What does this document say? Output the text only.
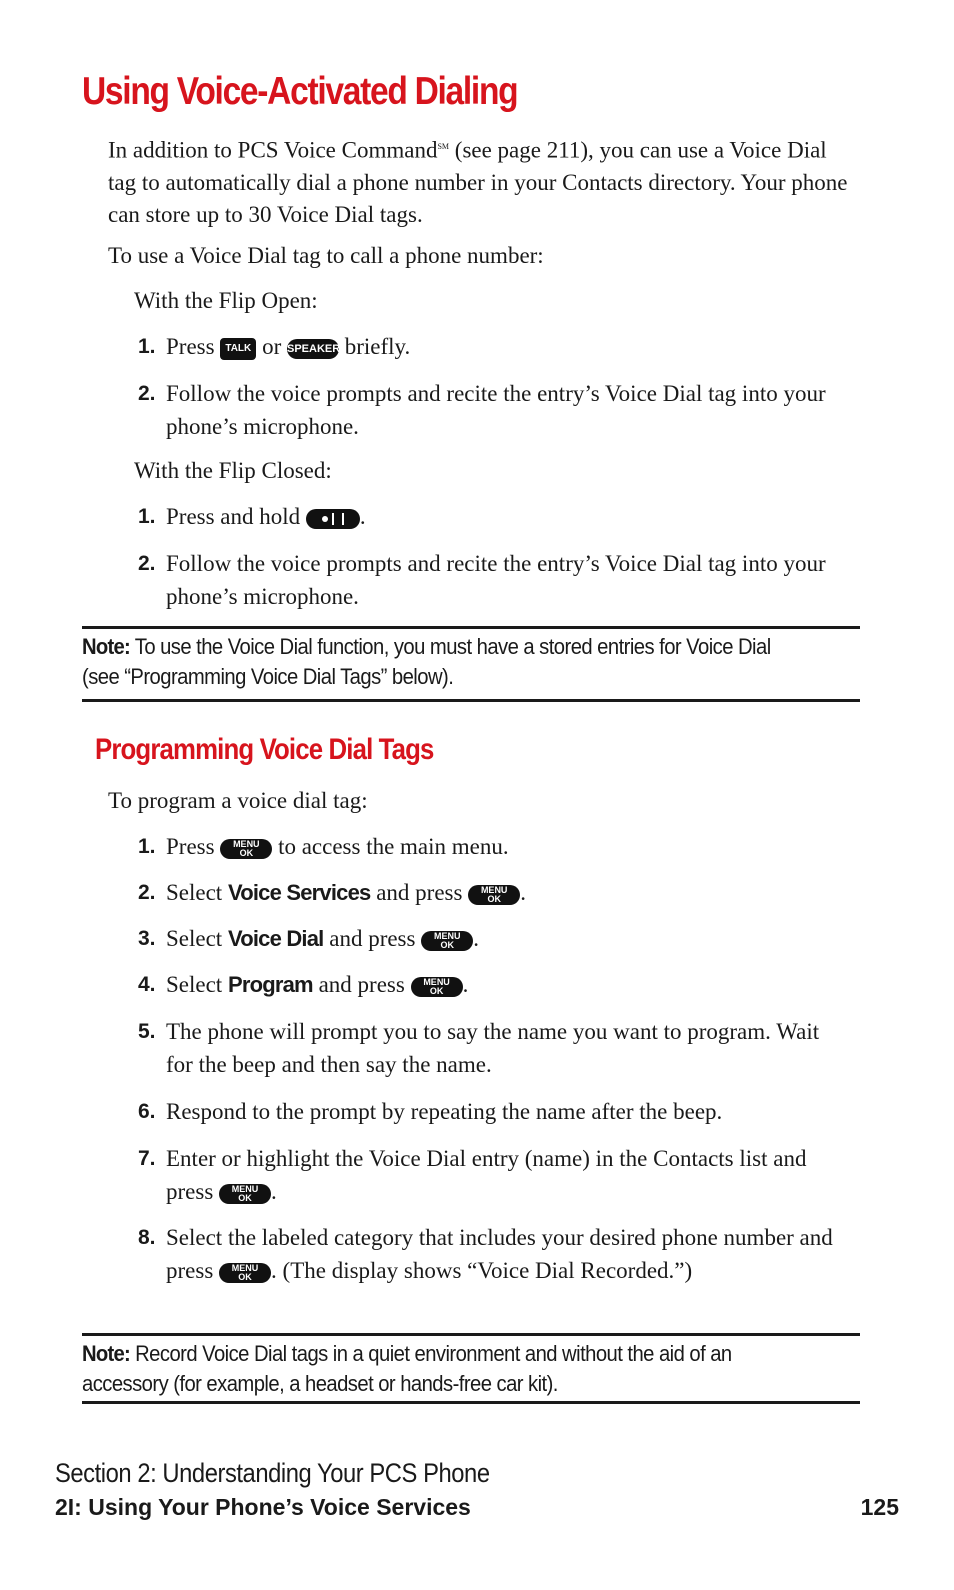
Using Voice-Activated Dialing

In addition to PCS Voice Command℠ (see page 211), you can use a Voice Dial tag to automatically dial a phone number in your Contacts directory. Your phone can store up to 30 Voice Dial tags.

To use a Voice Dial tag to call a phone number:

With the Flip Open:

1. Press TALK or SPEAKER briefly.
2. Follow the voice prompts and recite the entry’s Voice Dial tag into your phone’s microphone.

With the Flip Closed:

1. Press and hold
.
2. Follow the voice prompts and recite the entry’s Voice Dial tag into your phone’s microphone.

Note: To use the Voice Dial function, you must have a stored entries for Voice Dial (see “Programming Voice Dial Tags” below).

Programming Voice Dial Tags

To program a voice dial tag:

1. Press	MENU
OK to access the main menu.
2. Select Voice Services and press	MENU
OK .
3. Select Voice Dial and press	MENU
OK .
4. Select Program and press	MENU
OK .
5. The phone will prompt you to say the name you want to program. Wait for the beep and then say the name.
6. Respond to the prompt by repeating the name after the beep.
7. Enter or highlight the Voice Dial entry (name) in the Contacts list and press	MENU
OK .
8. Select the labeled category that includes your desired phone number and press	MENU
OK . (The display shows “Voice Dial Recorded.”)

Note: Record Voice Dial tags in a quiet environment and without the aid of an accessory (for example, a headset or hands-free car kit).

Section 2: Understanding Your PCS Phone

2I: Using Your Phone’s Voice Services	125
